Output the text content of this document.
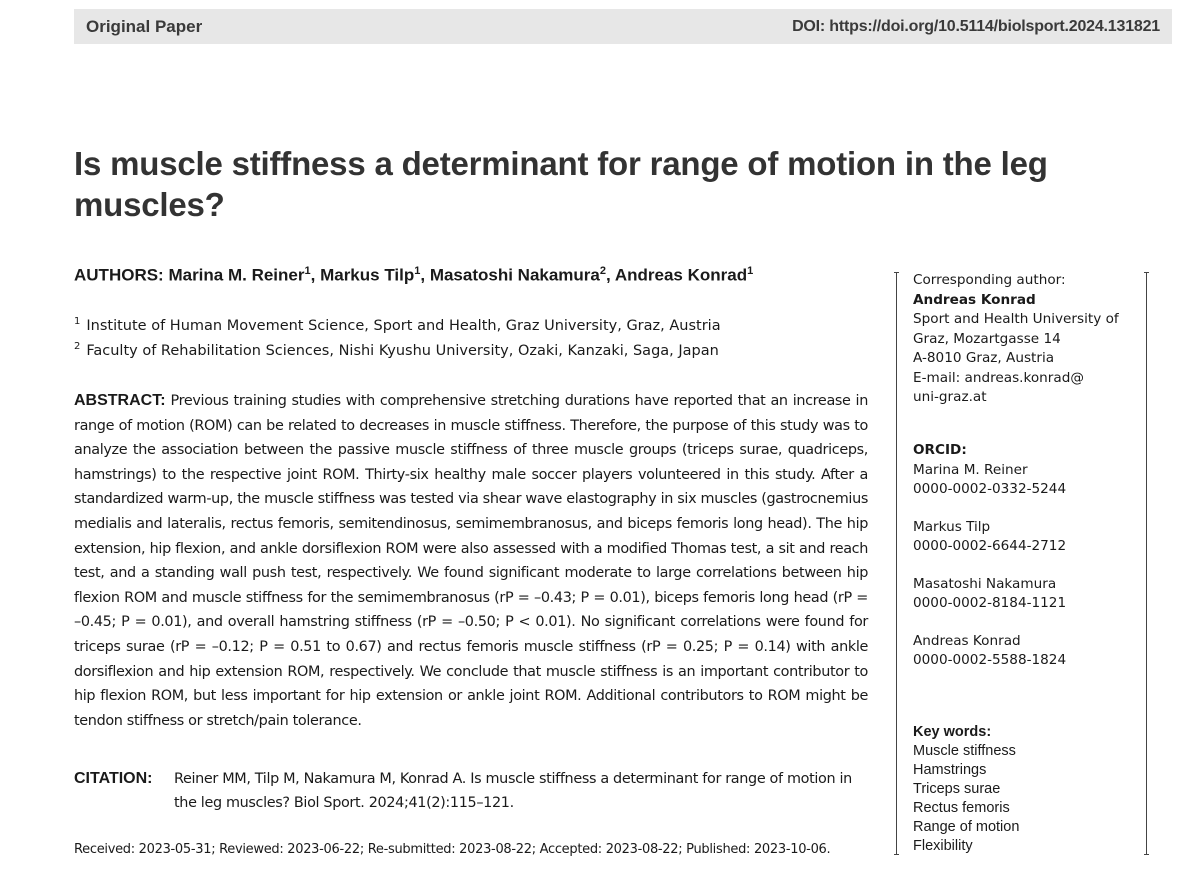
Original Paper	DOI: https://doi.org/10.5114/biolsport.2024.131821
Is muscle stiffness a determinant for range of motion in the leg muscles?
AUTHORS: Marina M. Reiner$^1$, Markus Tilp$^1$, Masatoshi Nakamura$^2$, Andreas Konrad$^1$
$^1$ Institute of Human Movement Science, Sport and Health, Graz University, Graz, Austria
$^2$ Faculty of Rehabilitation Sciences, Nishi Kyushu University, Ozaki, Kanzaki, Saga, Japan

ABSTRACT: Previous training studies with comprehensive stretching durations have reported that an increase in range of motion (ROM) can be related to decreases in muscle stiffness. Therefore, the purpose of this study was to analyze the association between the passive muscle stiffness of three muscle groups (triceps surae, quadriceps, hamstrings) to the respective joint ROM. Thirty-six healthy male soccer players volunteered in this study. After a standardized warm-up, the muscle stiffness was tested via shear wave elastography in six muscles (gastrocnemius medialis and lateralis, rectus femoris, semitendinosus, semimembranosus, and biceps femoris long head). The hip extension, hip flexion, and ankle dorsiflexion ROM were also assessed with a modified Thomas test, a sit and reach test, and a standing wall push test, respectively. We found significant moderate to large correlations between hip flexion ROM and muscle stiffness for the semimembranosus (rP = –0.43; P = 0.01), biceps femoris long head (rP = –0.45; P = 0.01), and overall hamstring stiffness (rP = –0.50; P < 0.01). No significant correlations were found for triceps surae (rP = –0.12; P = 0.51 to 0.67) and rectus femoris muscle stiffness (rP = 0.25; P = 0.14) with ankle dorsiflexion and hip extension ROM, respectively. We conclude that muscle stiffness is an important contributor to hip flexion ROM, but less important for hip extension or ankle joint ROM. Additional contributors to ROM might be tendon stiffness or stretch/pain tolerance.

CITATION:	Reiner MM, Tilp M, Nakamura M, Konrad A. Is muscle stiffness a determinant for range of motion in the leg muscles? Biol Sport. 2024;41(2):115–121.
Received: 2023-05-31; Reviewed: 2023-06-22; Re-submitted: 2023-08-22; Accepted: 2023-08-22; Published: 2023-10-06.
Corresponding author:
Andreas Konrad
Sport and Health University of
Graz, Mozartgasse 14
A-8010 Graz, Austria
E-mail: andreas.konrad@
uni-graz.at
ORCID:
Marina M. Reiner
0000-0002-0332-5244
Markus Tilp
0000-0002-6644-2712
Masatoshi Nakamura
0000-0002-8184-1121
Andreas Konrad
0000-0002-5588-1824
Key words:
Muscle stiffness
Hamstrings
Triceps surae
Rectus femoris
Range of motion
Flexibility
